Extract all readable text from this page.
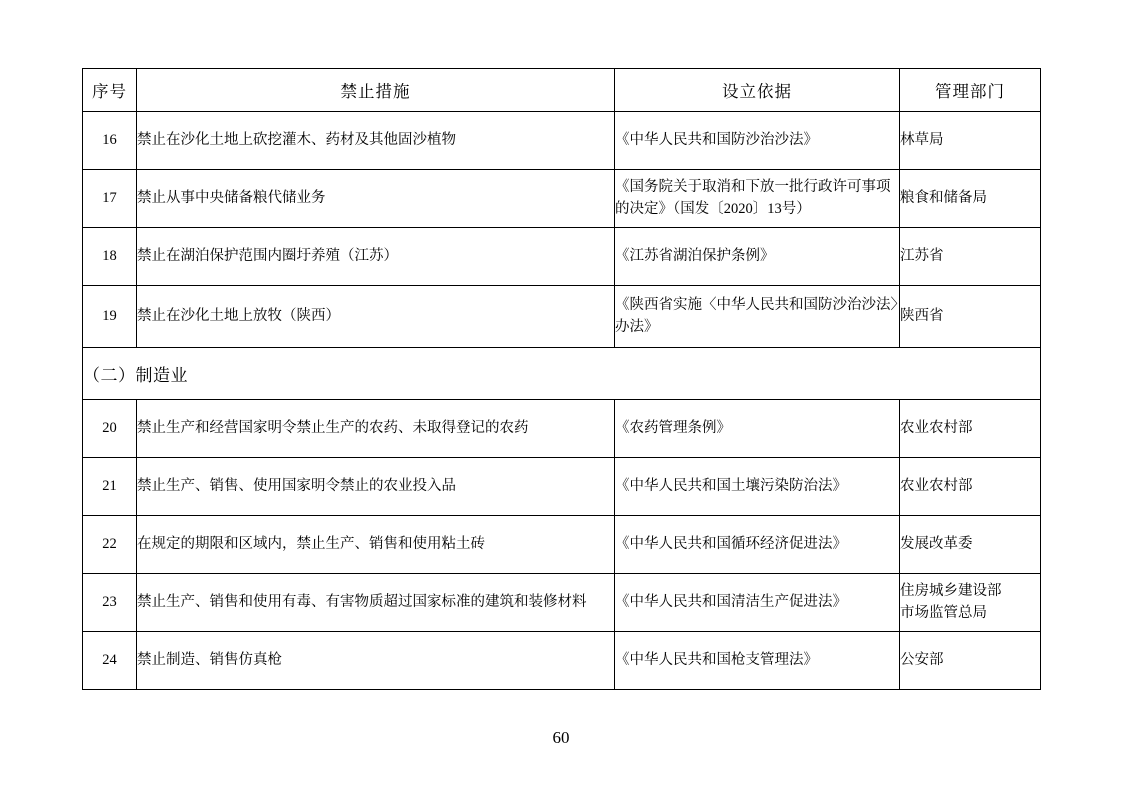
序号	禁止措施	设立依据	管理部门
16	禁止在沙化土地上砍挖灌木、药材及其他固沙植物	《中华人民共和国防沙治沙法》	林草局

17	禁止从事中央储备粮代储业务	《国务院关于取消和下放一批行政许可事项的决定》（国发〔2020〕13号）	粮食和储备局

18	禁止在湖泊保护范围内圈圩养殖（江苏）	《江苏省湖泊保护条例》	江苏省

19	禁止在沙化土地上放牧（陕西）	《陕西省实施〈中华人民共和国防沙治沙法〉办法》	陕西省

（二）制造业			
20	禁止生产和经营国家明令禁止生产的农药、未取得登记的农药	《农药管理条例》	农业农村部

21	禁止生产、销售、使用国家明令禁止的农业投入品	《中华人民共和国土壤污染防治法》	农业农村部

22	在规定的期限和区域内，禁止生产、销售和使用粘土砖	《中华人民共和国循环经济促进法》	发展改革委

23	禁止生产、销售和使用有毒、有害物质超过国家标准的建筑和装修材料	《中华人民共和国清洁生产促进法》	住房城乡建设部
市场监管总局

24	禁止制造、销售仿真枪	《中华人民共和国枪支管理法》	公安部
60
